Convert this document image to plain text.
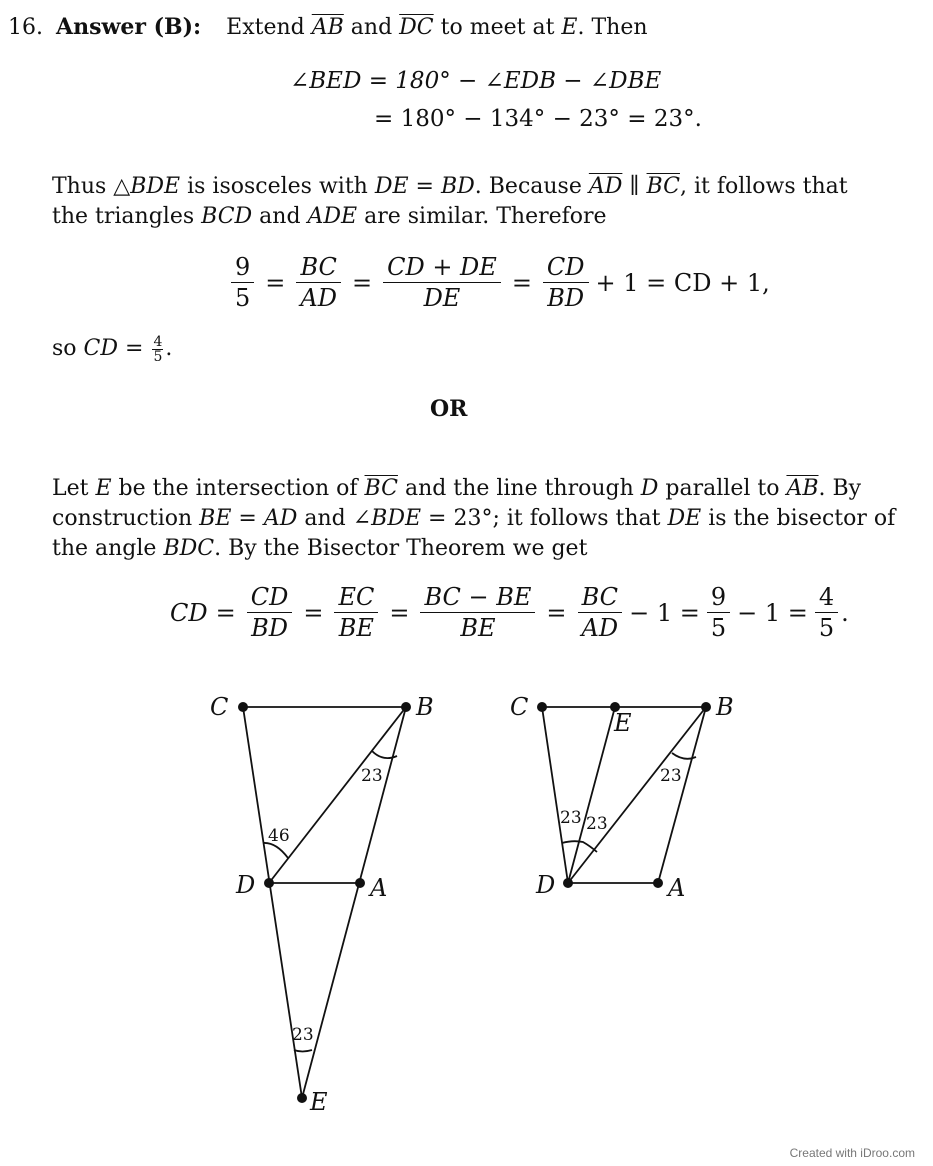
16. Answer (B): Extend $\overline{AB}$ and $\overline{DC}$ to meet at E. Then
∠BED = 180° − ∠EDB − ∠DBE
= 180° − 134° − 23° = 23°.
Thus △BDE is isosceles with DE = BD. Because $\overline{AD}$ ∥ $\overline{BC}$, it follows that
the triangles BCD and ADE are similar. Therefore
$\frac{9}{5} = \frac{BC}{AD} = \frac{CD + DE}{DE} = \frac{CD}{BD} + 1$ = CD + 1,
so CD = $\frac{4}{5}$ .
OR
Let E be the intersection of $\overline{BC}$ and the line through D parallel to $\overline{AB}$. By
construction BE = AD and ∠BDE = 23°; it follows that DE is the bisector of
the angle BDC. By the Bisector Theorem we get
CD = $\frac{CD}{BD} = \frac{EC}{BE} = \frac{BC - BE}{BE} = \frac{BC}{AD} - 1 = \frac{9}{5} - 1 = \frac{4}{5}$ .
C	B
D	A
E
23
46
23
C	B
E
D	A
23 23
23
Created with iDroo.com
